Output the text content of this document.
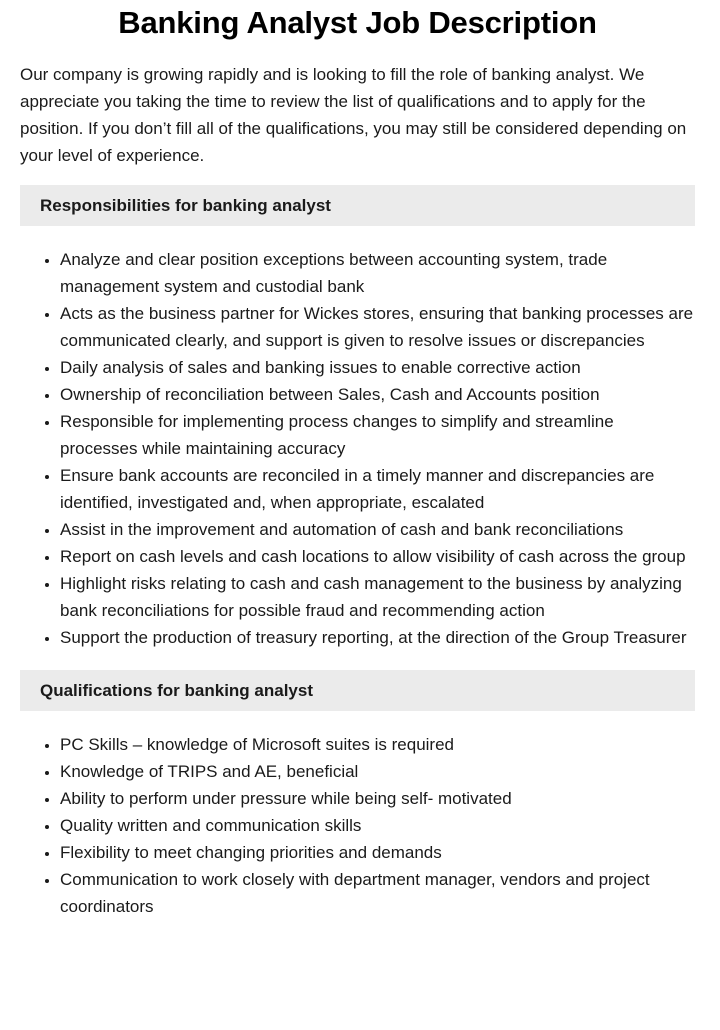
Banking Analyst Job Description

Our company is growing rapidly and is looking to fill the role of banking analyst. We appreciate you taking the time to review the list of qualifications and to apply for the position. If you don’t fill all of the qualifications, you may still be considered depending on your level of experience.

Responsibilities for banking analyst
• Analyze and clear position exceptions between accounting system, trade management system and custodial bank
• Acts as the business partner for Wickes stores, ensuring that banking processes are communicated clearly, and support is given to resolve issues or discrepancies
• Daily analysis of sales and banking issues to enable corrective action
• Ownership of reconciliation between Sales, Cash and Accounts position
• Responsible for implementing process changes to simplify and streamline processes while maintaining accuracy
• Ensure bank accounts are reconciled in a timely manner and discrepancies are identified, investigated and, when appropriate, escalated
• Assist in the improvement and automation of cash and bank reconciliations
• Report on cash levels and cash locations to allow visibility of cash across the group
• Highlight risks relating to cash and cash management to the business by analyzing bank reconciliations for possible fraud and recommending action
• Support the production of treasury reporting, at the direction of the Group Treasurer
Qualifications for banking analyst
• PC Skills – knowledge of Microsoft suites is required
• Knowledge of TRIPS and AE, beneficial
• Ability to perform under pressure while being self- motivated
• Quality written and communication skills
• Flexibility to meet changing priorities and demands
• Communication to work closely with department manager, vendors and project coordinators
